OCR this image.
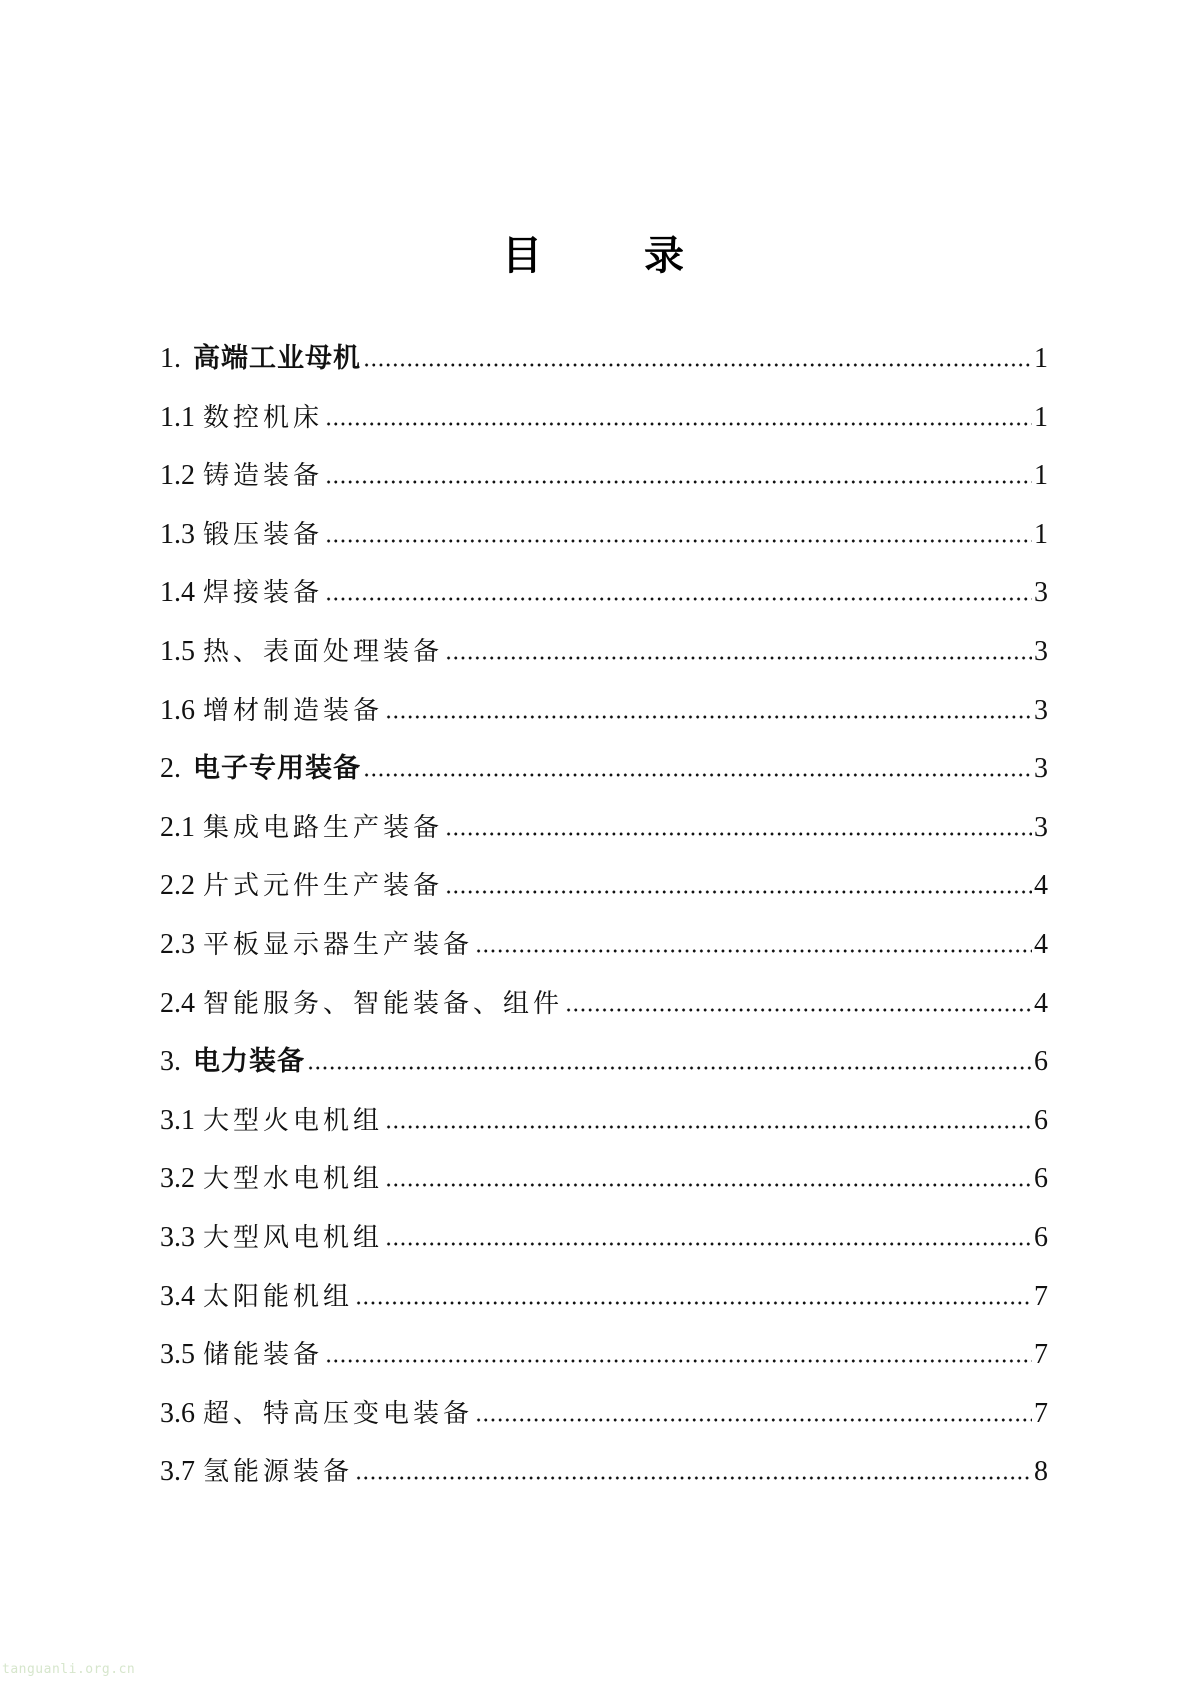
目 录
1. 高端工业母机	1
1.1 数控机床	1
1.2 铸造装备	1
1.3 锻压装备	1
1.4 焊接装备	3
1.5 热、表面处理装备	3
1.6 增材制造装备	3
2. 电子专用装备	3
2.1 集成电路生产装备	3
2.2 片式元件生产装备	4
2.3 平板显示器生产装备	4
2.4 智能服务、智能装备、组件	4
3. 电力装备	6
3.1 大型火电机组	6
3.2 大型水电机组	6
3.3 大型风电机组	6
3.4 太阳能机组	7
3.5 储能装备	7
3.6 超、特高压变电装备	7
3.7 氢能源装备	8
tanguanli.org.cn
